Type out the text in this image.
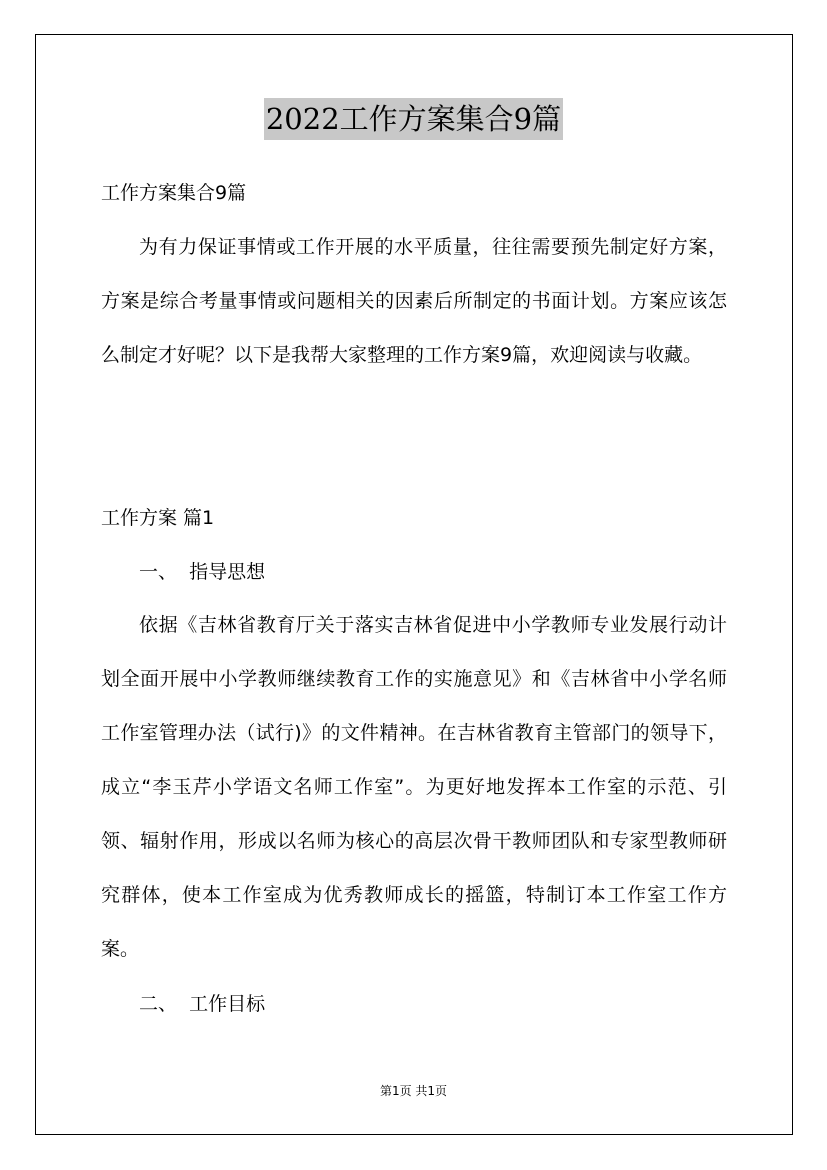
2022工作方案集合9篇

工作方案集合9篇

为有力保证事情或工作开展的水平质量，往往需要预先制定好方案，方案是综合考量事情或问题相关的因素后所制定的书面计划。方案应该怎么制定才好呢？以下是我帮大家整理的工作方案9篇，欢迎阅读与收藏。

工作方案 篇1

一、  指导思想

依据《吉林省教育厅关于落实吉林省促进中小学教师专业发展行动计划全面开展中小学教师继续教育工作的实施意见》和《吉林省中小学名师工作室管理办法（试行)》的文件精神。在吉林省教育主管部门的领导下，成立“李玉芹小学语文名师工作室”。为更好地发挥本工作室的示范、引领、辐射作用，形成以名师为核心的高层次骨干教师团队和专家型教师研究群体，使本工作室成为优秀教师成长的摇篮，特制订本工作室工作方案。

二、  工作目标

第1页 共1页
